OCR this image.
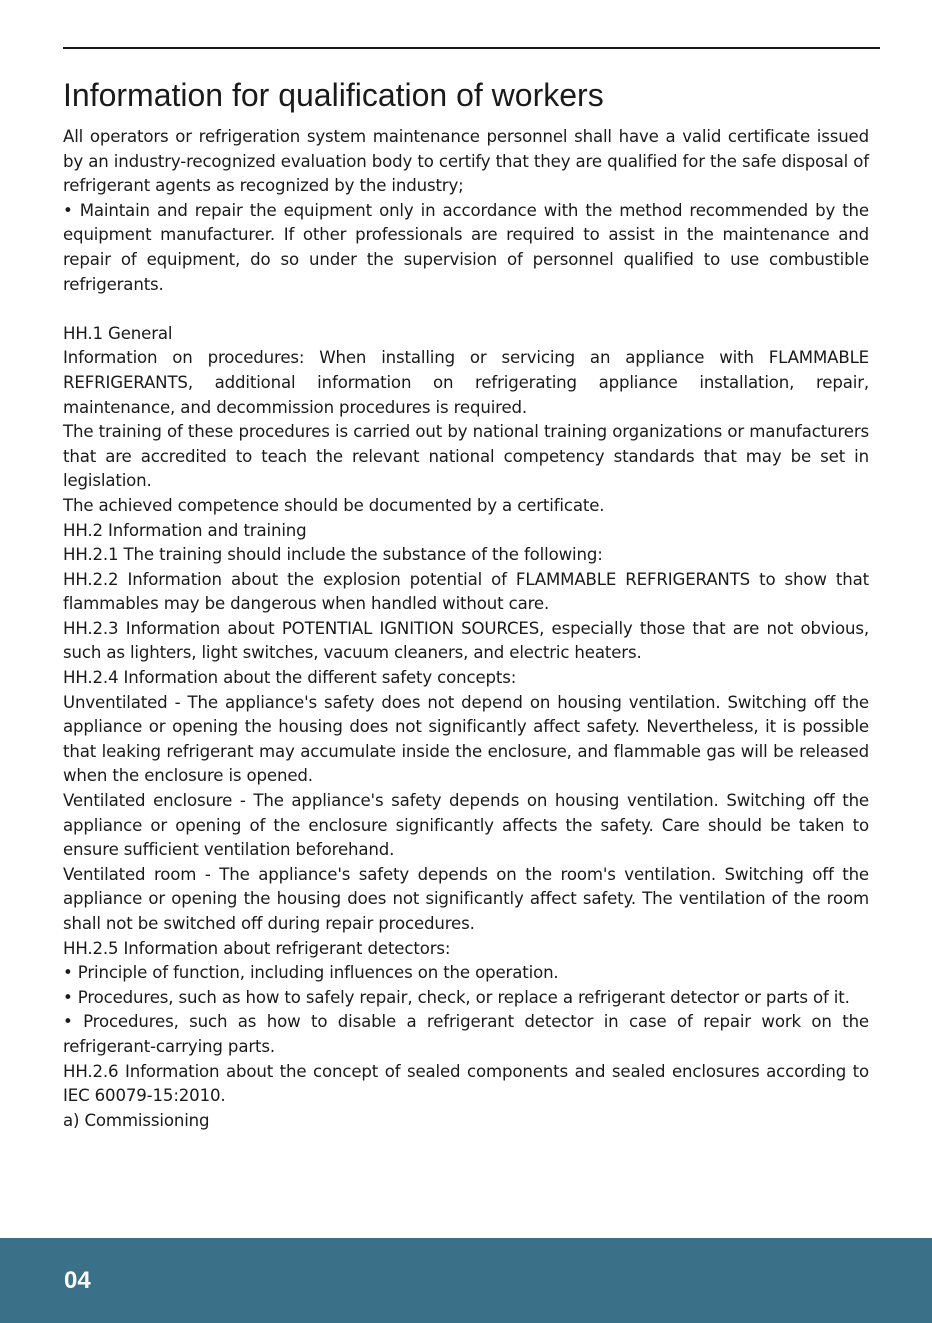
Information for qualification of workers

All operators or refrigeration system maintenance personnel shall have a valid certificate issued by an industry-recognized evaluation body to certify that they are qualified for the safe disposal of refrigerant agents as recognized by the industry;

• Maintain and repair the equipment only in accordance with the method recommended by the equipment manufacturer. If other professionals are required to assist in the maintenance and repair of equipment, do so under the supervision of personnel qualified to use combustible refrigerants.

HH.1 General

Information on procedures: When installing or servicing an appliance with FLAMMABLE REFRIGERANTS, additional information on refrigerating appliance installation, repair, maintenance, and decommission procedures is required.

The training of these procedures is carried out by national training organizations or manufacturers that are accredited to teach the relevant national competency standards that may be set in legislation.

The achieved competence should be documented by a certificate.

HH.2 Information and training

HH.2.1 The training should include the substance of the following:

HH.2.2 Information about the explosion potential of FLAMMABLE REFRIGERANTS to show that flammables may be dangerous when handled without care.

HH.2.3 Information about POTENTIAL IGNITION SOURCES, especially those that are not obvious, such as lighters, light switches, vacuum cleaners, and electric heaters.

HH.2.4 Information about the different safety concepts:

Unventilated - The appliance's safety does not depend on housing ventilation. Switching off the appliance or opening the housing does not significantly affect safety. Nevertheless, it is possible that leaking refrigerant may accumulate inside the enclosure, and flammable gas will be released when the enclosure is opened.

Ventilated enclosure - The appliance's safety depends on housing ventilation. Switching off the appliance or opening of the enclosure significantly affects the safety. Care should be taken to ensure sufficient ventilation beforehand.

Ventilated room - The appliance's safety depends on the room's ventilation. Switching off the appliance or opening the housing does not significantly affect safety. The ventilation of the room shall not be switched off during repair procedures.

HH.2.5 Information about refrigerant detectors:

• Principle of function, including influences on the operation.

• Procedures, such as how to safely repair, check, or replace a refrigerant detector or parts of it.

• Procedures, such as how to disable a refrigerant detector in case of repair work on the refrigerant-carrying parts.

HH.2.6 Information about the concept of sealed components and sealed enclosures according to IEC 60079-15:2010.

a) Commissioning

04
